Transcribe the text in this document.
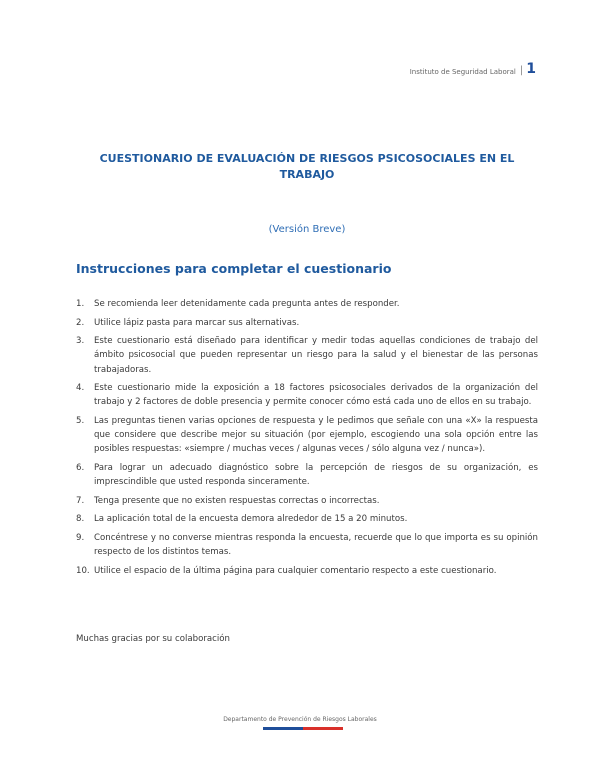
Instituto de Seguridad Laboral | 1
CUESTIONARIO DE EVALUACIÓN DE RIESGOS PSICOSOCIALES EN EL TRABAJO
(Versión Breve)
Instrucciones para completar el cuestionario
1.	Se recomienda leer detenidamente cada pregunta antes de responder.
2.	Utilice lápiz pasta para marcar sus alternativas.
3.	Este cuestionario está diseñado para identificar y medir todas aquellas condiciones de trabajo del ámbito psicosocial que pueden representar un riesgo para la salud y el bienestar de las personas trabajadoras.
4.	Este cuestionario mide la exposición a 18 factores psicosociales derivados de la organización del trabajo y 2 factores de doble presencia y permite conocer cómo está cada uno de ellos en su trabajo.
5.	Las preguntas tienen varias opciones de respuesta y le pedimos que señale con una «X» la respuesta que considere que describe mejor su situación (por ejemplo, escogiendo una sola opción entre las posibles respuestas: «siempre / muchas veces / algunas veces / sólo alguna vez / nunca»).
6.	Para lograr un adecuado diagnóstico sobre la percepción de riesgos de su organización, es imprescindible que usted responda sinceramente.
7.	Tenga presente que no existen respuestas correctas o incorrectas.
8.	La aplicación total de la encuesta demora alrededor de 15 a 20 minutos.
9.	Concéntrese y no converse mientras responda la encuesta, recuerde que lo que importa es su opinión respecto de los distintos temas.
10. Utilice el espacio de la última página para cualquier comentario respecto a este cuestionario.
Muchas gracias por su colaboración
Departamento de Prevención de Riesgos Laborales
